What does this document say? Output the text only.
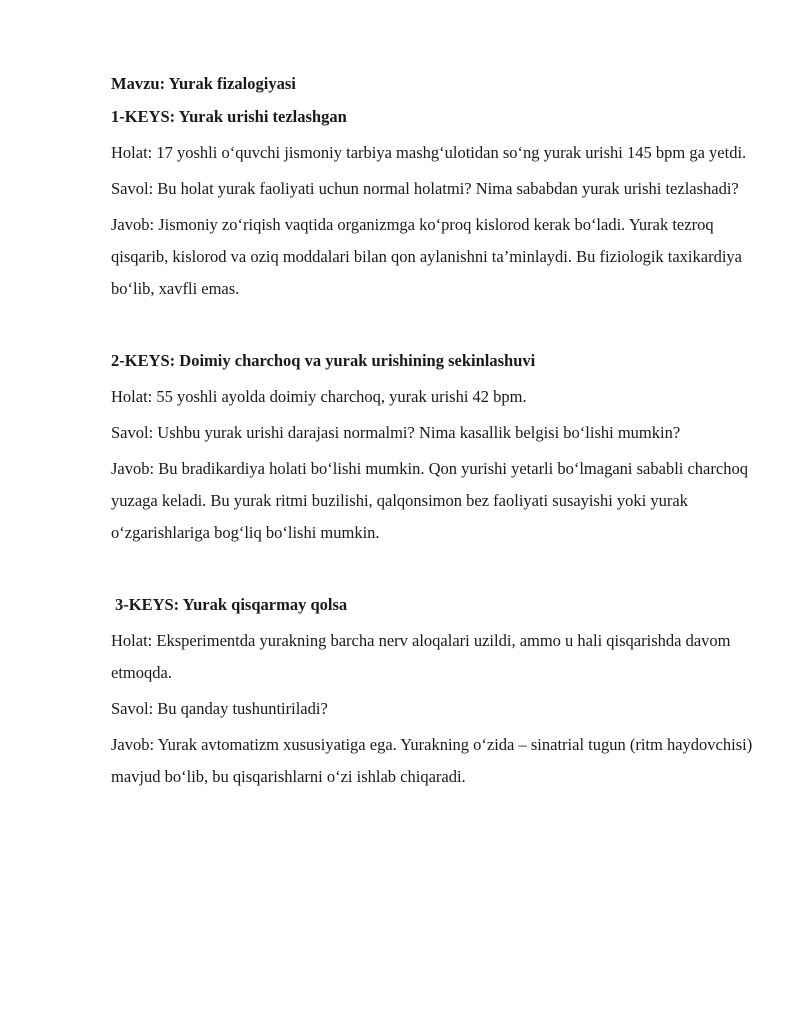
Mavzu: Yurak fizalogiyasi
1-KEYS: Yurak urishi tezlashgan

Holat: 17 yoshli o‘quvchi jismoniy tarbiya mashg‘ulotidan so‘ng yurak urishi 145 bpm ga yetdi.

Savol: Bu holat yurak faoliyati uchun normal holatmi? Nima sababdan yurak urishi tezlashadi?

Javob: Jismoniy zo‘riqish vaqtida organizmga ko‘proq kislorod kerak bo‘ladi. Yurak tezroq qisqarib, kislorod va oziq moddalari bilan qon aylanishni ta’minlaydi. Bu fiziologik taxikardiya bo‘lib, xavfli emas.

2-KEYS: Doimiy charchoq va yurak urishining sekinlashuvi

Holat: 55 yoshli ayolda doimiy charchoq, yurak urishi 42 bpm.

Savol: Ushbu yurak urishi darajasi normalmi? Nima kasallik belgisi bo‘lishi mumkin?

Javob: Bu bradikardiya holati bo‘lishi mumkin. Qon yurishi yetarli bo‘lmagani sababli charchoq yuzaga keladi. Bu yurak ritmi buzilishi, qalqonsimon bez faoliyati susayishi yoki yurak o‘zgarishlariga bog‘liq bo‘lishi mumkin.

3-KEYS: Yurak qisqarmay qolsa

Holat: Eksperimentda yurakning barcha nerv aloqalari uzildi, ammo u hali qisqarishda davom etmoqda.

Savol: Bu qanday tushuntiriladi?

Javob: Yurak avtomatizm xususiyatiga ega. Yurakning o‘zida – sinatrial tugun (ritm haydovchisi) mavjud bo‘lib, bu qisqarishlarni o‘zi ishlab chiqaradi.
